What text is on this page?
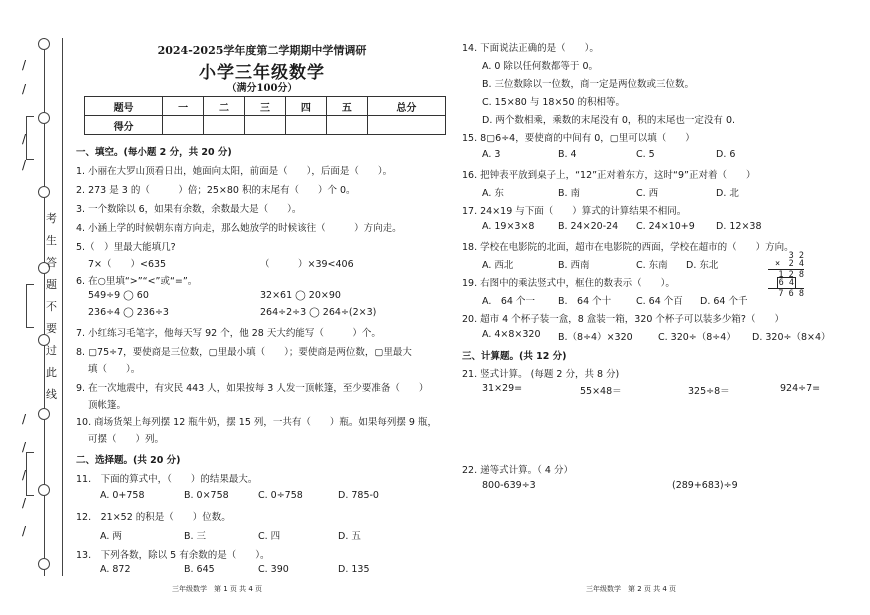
/
/
/
/
/
/
/
/
/
考
生
答
题
不
要
过
此
线
2024-2025学年度第二学期期中学情调研
小学三年级数学
（满分100分）
题号	一	二	三	四	五	总分
得分						
一、填空。(每小题 2 分，共 20 分)
1. 小丽在大罗山顶看日出，她面向太阳，前面是（　　），后面是（　　）。
2. 273 是 3 的（　　　）倍；25×80 积的末尾有（　　）个 0。
3. 一个数除以 6，如果有余数，余数最大是（　　）。
4. 小涵上学的时候朝东南方向走，那么她放学的时候该往（　　　）方向走。
5.（　）里最大能填几?
7×（　　）<635	（　　　）×39<406
6. 在○里填“>”“<”或“=”。
549÷9 ◯ 60	32×61 ◯ 20×90
236÷4 ◯ 236÷3	264÷2÷3 ◯ 264÷(2×3)
7. 小红练习毛笔字，他每天写 92 个，他 28 天大约能写（　　　）个。
8. ▢75÷7，要使商是三位数，▢里最小填（　　）；要使商是两位数，▢里最大
填（　　）。
9. 在一次地震中，有灾民 443 人，如果按每 3 人发一顶帐篷，至少要准备（　　）
顶帐篷。
10. 商场货架上每列摆 12 瓶牛奶，摆 15 列，一共有（　　）瓶。如果每列摆 9 瓶，
可摆（　　）列。
二、选择题。(共 20 分)
11.　下面的算式中，（　　）的结果最大。
A. 0+758	B. 0×758	C. 0÷758	D. 785-0
12.　21×52 的积是（　　）位数。
A. 两	B. 三	C. 四	D. 五
13.　下列各数，除以 5 有余数的是（　　）。
A. 872	B. 645	C. 390	D. 135
三年级数学　第 1 页 共 4 页
14. 下面说法正确的是（　　）。
A. 0 除以任何数都等于 0。
B. 三位数除以一位数，商一定是两位数或三位数。
C. 15×80 与 18×50 的积相等。
D. 两个数相乘，乘数的末尾没有 0，积的末尾也一定没有 0.
15. 8▢6÷4，要使商的中间有 0，▢里可以填（　　）
A. 3	B. 4	C. 5	D. 6
16. 把钟表平放到桌子上，“12”正对着东方，这时“9”正对着（　　）
A. 东	B. 南	C. 西	D. 北
17. 24×19 与下面（　　）算式的计算结果不相同。
A. 19×3×8 B. 24×20-24 C. 24×10+9 D. 12×38
18. 学校在电影院的北面，超市在电影院的西面，学校在超市的（　　）方向。
A. 西北	B. 西南	C. 东南 D. 东北
19. 右图中的乘法竖式中，框住的数表示（　　）。
A.　64 个一 B.　64 个十	C. 64 个百 D. 64 个千
3 2
×　2 4
1 2 8
6 4
7 6 8
20. 超市 4 个杯子装一盒，8 盒装一箱，320 个杯子可以装多少箱?（　　）
A. 4×8×320 B.（8÷4）×320	C. 320÷（8÷4） D. 320÷（8×4）
三、计算题。(共 12 分)
21. 竖式计算。 (每题 2 分，共 8 分)
31×29=	55×48＝	325÷8＝	924÷7=
22. 递等式计算。（ 4 分）
800-639÷3	(289+683)÷9
三年级数学　第 2 页 共 4 页
